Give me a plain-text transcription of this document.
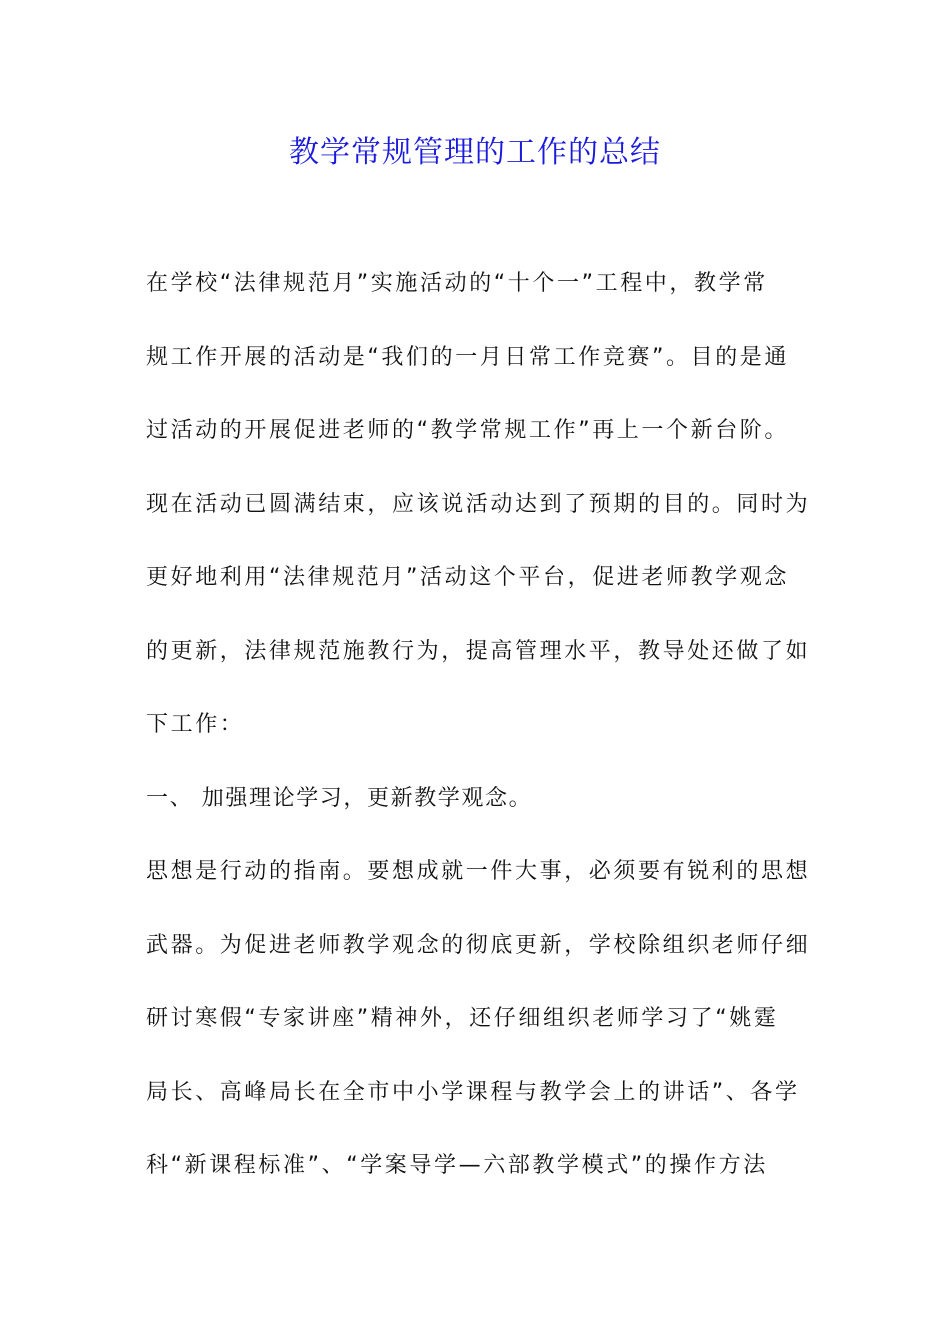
教学常规管理的工作的总结
在学校“法律规范月”实施活动的“十个一”工程中，教学常
规工作开展的活动是“我们的一月日常工作竞赛”。目的是通
过活动的开展促进老师的“教学常规工作”再上一个新台阶。
现在活动已圆满结束，应该说活动达到了预期的目的。同时为
更好地利用“法律规范月”活动这个平台，促进老师教学观念
的更新，法律规范施教行为，提高管理水平，教导处还做了如
下工作：
一、 加强理论学习，更新教学观念。
思想是行动的指南。要想成就一件大事，必须要有锐利的思想
武器。为促进老师教学观念的彻底更新，学校除组织老师仔细
研讨寒假“专家讲座”精神外，还仔细组织老师学习了“姚霆
局长、高峰局长在全市中小学课程与教学会上的讲话”、各学
科“新课程标准”、“学案导学—六部教学模式”的操作方法
